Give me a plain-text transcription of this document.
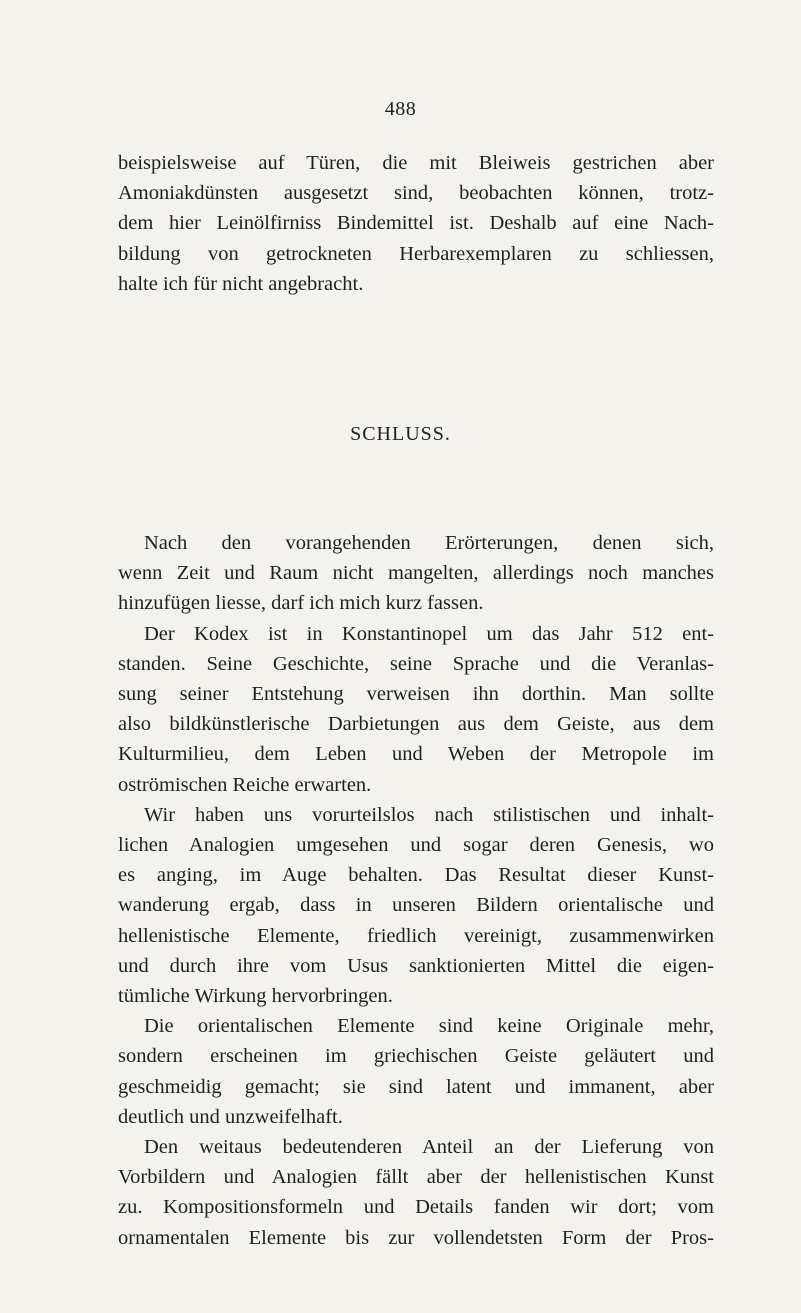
488
beispielsweise auf Türen, die mit Bleiweis gestrichen aber
Amoniakdünsten ausgesetzt sind, beobachten können, trotz-
dem hier Leinölfirniss Bindemittel ist. Deshalb auf eine Nach-
bildung von getrockneten Herbarexemplaren zu schliessen,
halte ich für nicht angebracht.
SCHLUSS.
Nach den vorangehenden Erörterungen, denen sich,
wenn Zeit und Raum nicht mangelten, allerdings noch manches
hinzufügen liesse, darf ich mich kurz fassen.
Der Kodex ist in Konstantinopel um das Jahr 512 ent-
standen. Seine Geschichte, seine Sprache und die Veranlas-
sung seiner Entstehung verweisen ihn dorthin. Man sollte
also bildkünstlerische Darbietungen aus dem Geiste, aus dem
Kulturmilieu, dem Leben und Weben der Metropole im
oströmischen Reiche erwarten.
Wir haben uns vorurteilslos nach stilistischen und inhalt-
lichen Analogien umgesehen und sogar deren Genesis, wo
es anging, im Auge behalten. Das Resultat dieser Kunst-
wanderung ergab, dass in unseren Bildern orientalische und
hellenistische Elemente, friedlich vereinigt, zusammenwirken
und durch ihre vom Usus sanktionierten Mittel die eigen-
tümliche Wirkung hervorbringen.
Die orientalischen Elemente sind keine Originale mehr,
sondern erscheinen im griechischen Geiste geläutert und
geschmeidig gemacht; sie sind latent und immanent, aber
deutlich und unzweifelhaft.
Den weitaus bedeutenderen Anteil an der Lieferung von
Vorbildern und Analogien fällt aber der hellenistischen Kunst
zu. Kompositionsformeln und Details fanden wir dort; vom
ornamentalen Elemente bis zur vollendetsten Form der Pros-
